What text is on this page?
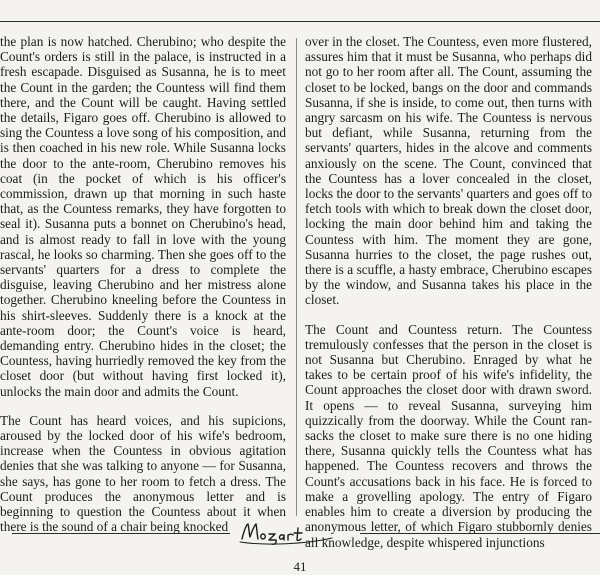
the plan is now hatched. Cherubino; who despite the Count's orders is still in the palace, is instructed in a fresh escapade. Disguised as Susanna, he is to meet the Count in the garden; the Countess will find them there, and the Count will be caught. Having settled the details, Figaro goes off. Cherubino is allowed to sing the Countess a love song of his composition, and is then coached in his new role. While Susanna locks the door to the ante-room, Cherubino removes his coat (in the pocket of which is his officer's commission, drawn up that morning in such haste that, as the Countess remarks, they have forgotten to seal it). Susanna puts a bonnet on Cherubino's head, and is almost ready to fall in love with the young rascal, he looks so charming. Then she goes off to the servants' quarters for a dress to complete the disguise, leaving Cherubino and her mistress alone together. Cherubino kneeling before the Countess in his shirt-sleeves. Suddenly there is a knock at the ante-room door; the Count's voice is heard, demanding entry. Cherubino hides in the closet; the Countess, having hurriedly removed the key from the closet door (but without having first locked it), unlocks the main door and admits the Count.

The Count has heard voices, and his supicions, aroused by the locked door of his wife's bedroom, increase when the Countess in obvious agitation denies that she was talking to anyone — for Susanna, she says, has gone to her room to fetch a dress. The Count produces the anonymous letter and is beginning to question the Countess about it when there is the sound of a chair being knocked

over in the closet. The Countess, even more flustered, assures him that it must be Susanna, who perhaps did not go to her room after all. The Count, assuming the closet to be locked, bangs on the door and commands Susanna, if she is inside, to come out, then turns with angry sarcasm on his wife. The Countess is nervous but defiant, while Susanna, returning from the servants' quarters, hides in the alcove and comments anxiously on the scene. The Count, convinced that the Countess has a lover concealed in the closet, locks the door to the servants' quarters and goes off to fetch tools with which to break down the closet door, locking the main door behind him and taking the Countess with him. The moment they are gone, Susanna hurries to the closet, the page rushes out, there is a scuffle, a hasty embrace, Cherubino escapes by the window, and Susanna takes his place in the closet.

The Count and Countess return. The Countess tremulously confesses that the person in the closet is not Susanna but Cherubino. Enraged by what he takes to be certain proof of his wife's infidelity, the Count approaches the closet door with drawn sword. It opens — to reveal Susanna, surveying him quizzically from the doorway. While the Count ransacks the closet to make sure there is no one hiding there, Susanna quickly tells the Countess what has happened. The Countess recovers and throws the Count's accusations back in his face. He is forced to make a grovelling apology. The entry of Figaro enables him to create a diversion by producing the anonymous letter, of which Figaro stubbornly denies all knowledge, despite whispered injunctions

41
